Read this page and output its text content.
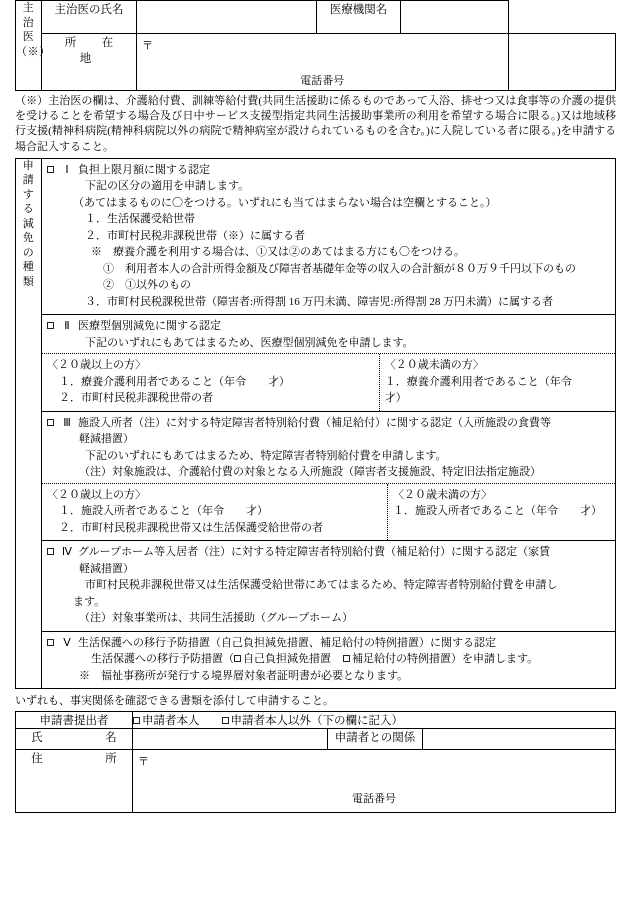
主
治
医
（※）	主治医の氏名		医療機関名		
	所　在　地	〒
電話番号			

（※）主治医の欄は、介護給付費、訓練等給付費(共同生活援助に係るものであって入浴、排せつ又は食事等の介護の提供を受けることを希望する場合及び日中サービス支援型指定共同生活援助事業所の利用を希望する場合に限る。)又は地域移行支援(精神科病院(精神科病院以外の病院で精神病室が設けられているものを含む。)に入院している者に限る。)を申請する場合記入すること。
申
請
す
る
減
免
の
種
類

Ⅰ 負担上限月額に関する認定
下記の区分の適用を申請します。
（あてはまるものに〇をつける。いずれにも当てはまらない場合は空欄とすること。）
１．生活保護受給世帯
２．市町村民税非課税世帯（※）に属する者
※　療養介護を利用する場合は、①又は②のあてはまる方にも〇をつける。
①　利用者本人の合計所得金額及び障害者基礎年金等の収入の合計額が８０万９千円以下のもの
②　①以外のもの
３．市町村民税課税世帯（障害者:所得割 16 万円未満、障害児:所得割 28 万円未満）に属する者
Ⅱ 医療型個別減免に関する認定
下記のいずれにもあてはまるため、医療型個別減免を申請します。
〈２０歳以上の方〉
１．療養介護利用者であること（年令　　才）
２．市町村民税非課税世帯の者
〈２０歳未満の方〉
１．療養介護利用者であること（年令　　才）
Ⅲ 施設入所者（注）に対する特定障害者特別給付費（補足給付）に関する認定（入所施設の食費等
軽減措置）
下記のいずれにもあてはまるため、特定障害者特別給付費を申請します。
（注）対象施設は、介護給付費の対象となる入所施設（障害者支援施設、特定旧法指定施設）
〈２０歳以上の方〉
１．施設入所者であること（年令　　才）
２．市町村民税非課税世帯又は生活保護受給世帯の者
〈２０歳未満の方〉
１．施設入所者であること（年令　　才）
Ⅳ グループホーム等入居者（注）に対する特定障害者特別給付費（補足給付）に関する認定（家賃
軽減措置）
市町村民税非課税世帯又は生活保護受給世帯にあてはまるため、特定障害者特別給付費を申請し
ます。
（注）対象事業所は、共同生活援助（グループホーム）
Ⅴ 生活保護への移行予防措置（自己負担減免措置、補足給付の特例措置）に関する認定
生活保護への移行予防措置（ 自己負担減免措置 補足給付の特例措置）を申請します。
※　福祉事務所が発行する境界層対象者証明書が必要となります。
いずれも、事実関係を確認できる書類を添付して申請すること。
申請書提出者	申請者本人 申請者本人以外（下の欄に記入）		
氏　　　名		申請者との関係	
住　　　所	〒
電話番号		
